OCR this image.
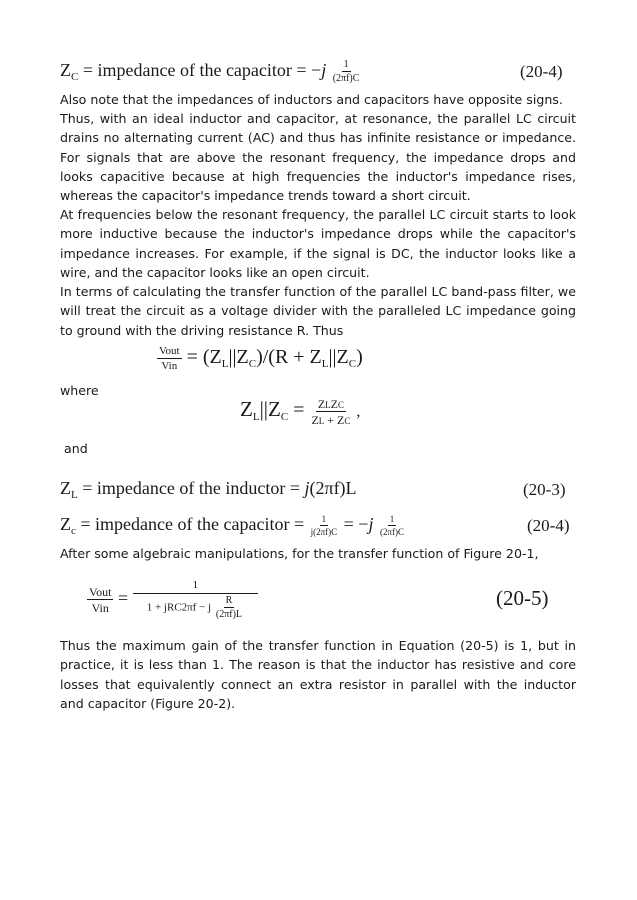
$Z_C$ = impedance of the capacitor = $-j \frac{1}{(2\pi f)C}$	(20-4)
Also note that the impedances of inductors and capacitors have opposite signs.
Thus, with an ideal inductor and capacitor, at resonance, the parallel LC circuit drains no alternating current (AC) and thus has infinite resistance or impedance. For signals that are above the resonant frequency, the impedance drops and looks capacitive because at high frequencies the inductor's impedance rises, whereas the capacitor's impedance trends toward a short circuit.
At frequencies below the resonant frequency, the parallel LC circuit starts to look more inductive because the inductor's impedance drops while the capacitor's impedance increases. For example, if the signal is DC, the inductor looks like a wire, and the capacitor looks like an open circuit.
In terms of calculating the transfer function of the parallel LC band-pass filter, we will treat the circuit as a voltage divider with the paralleled LC impedance going to ground with the driving resistance R. Thus
$\frac{\text{Vout}}{\text{Vin}} = (Z_L||Z_C)/(R + Z_L||Z_C)$
where
$Z_L||Z_C = \frac{\text{ZLZC}}{ZL + ZC}$ ,
and
$Z_L$ = impedance of the inductor = j(2πf)L	(20-3)
$Z_c$ = impedance of the capacitor = $\frac{1}{j(2\pi f)C} = -j \frac{1}{(2\pi f)C}$	(20-4)
After some algebraic manipulations, for the transfer function of Figure 20-1,
$\frac{\text{Vout}}{\text{Vin}} = \frac{1}{1 + jRC2\pi f - j \frac{R}{(2\pi f)L}}$	(20-5)
Thus the maximum gain of the transfer function in Equation (20-5) is 1, but in practice, it is less than 1. The reason is that the inductor has resistive and core losses that equivalently connect an extra resistor in parallel with the inductor and capacitor (Figure 20-2).
